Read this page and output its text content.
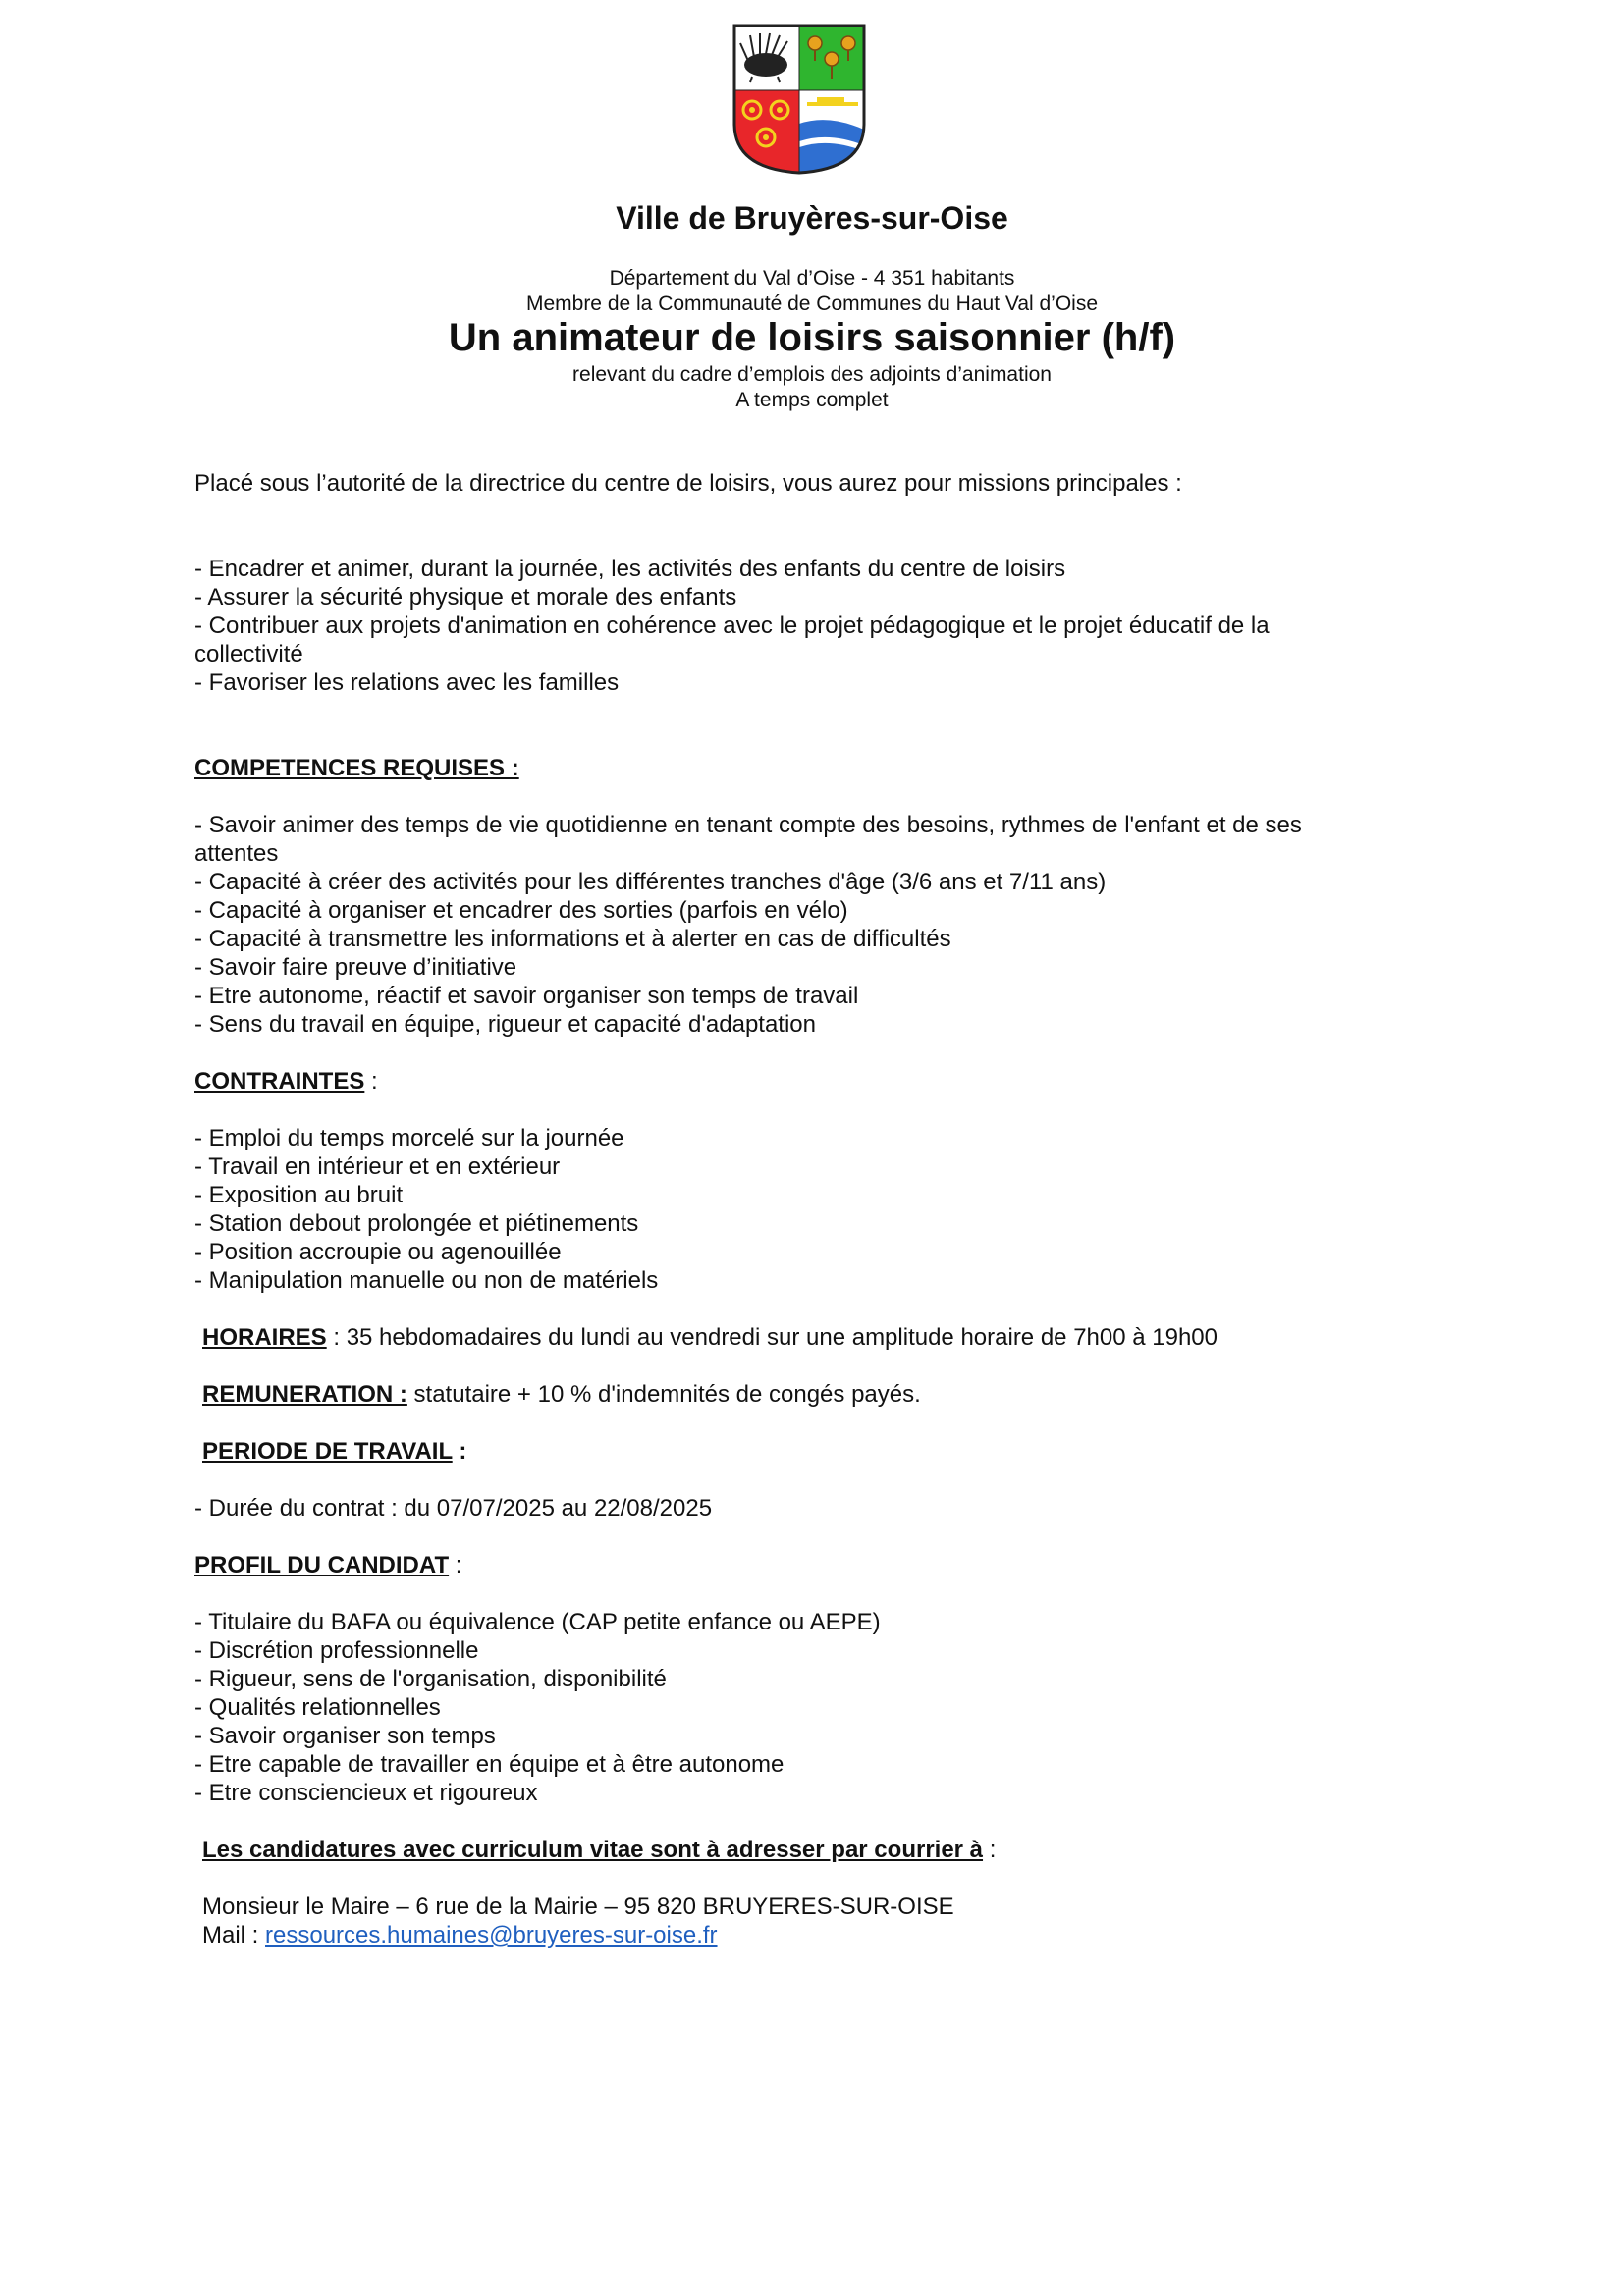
Ville de Bruyères-sur-Oise
Département du Val d’Oise - 4 351 habitants
Membre de la Communauté de Communes du Haut Val d’Oise
Un animateur de loisirs saisonnier (h/f)
relevant du cadre d’emplois des adjoints d’animation
A temps complet

Placé sous l’autorité de la directrice du centre de loisirs, vous aurez pour missions principales :

- Encadrer et animer, durant la journée, les activités des enfants du centre de loisirs
- Assurer la sécurité physique et morale des enfants
- Contribuer aux projets d'animation en cohérence avec le projet pédagogique et le projet éducatif de la
collectivité
- Favoriser les relations avec les familles

COMPETENCES REQUISES :

- Savoir animer des temps de vie quotidienne en tenant compte des besoins, rythmes de l'enfant et de ses
attentes
- Capacité à créer des activités pour les différentes tranches d'âge (3/6 ans et 7/11 ans)
- Capacité à organiser et encadrer des sorties (parfois en vélo)
- Capacité à transmettre les informations et à alerter en cas de difficultés
- Savoir faire preuve d’initiative
- Etre autonome, réactif et savoir organiser son temps de travail
- Sens du travail en équipe, rigueur et capacité d'adaptation

CONTRAINTES :

- Emploi du temps morcelé sur la journée
- Travail en intérieur et en extérieur
- Exposition au bruit
- Station debout prolongée et piétinements
- Position accroupie ou agenouillée
- Manipulation manuelle ou non de matériels

HORAIRES : 35 hebdomadaires du lundi au vendredi sur une amplitude horaire de 7h00 à 19h00

REMUNERATION : statutaire + 10 % d'indemnités de congés payés.

PERIODE DE TRAVAIL :

- Durée du contrat : du 07/07/2025 au 22/08/2025

PROFIL DU CANDIDAT :

- Titulaire du BAFA ou équivalence (CAP petite enfance ou AEPE)
- Discrétion professionnelle
- Rigueur, sens de l'organisation, disponibilité
- Qualités relationnelles
- Savoir organiser son temps
- Etre capable de travailler en équipe et à être autonome
- Etre consciencieux et rigoureux

Les candidatures avec curriculum vitae sont à adresser par courrier à :

Monsieur le Maire – 6 rue de la Mairie – 95 820 BRUYERES-SUR-OISE

Mail : ressources.humaines@bruyeres-sur-oise.fr
